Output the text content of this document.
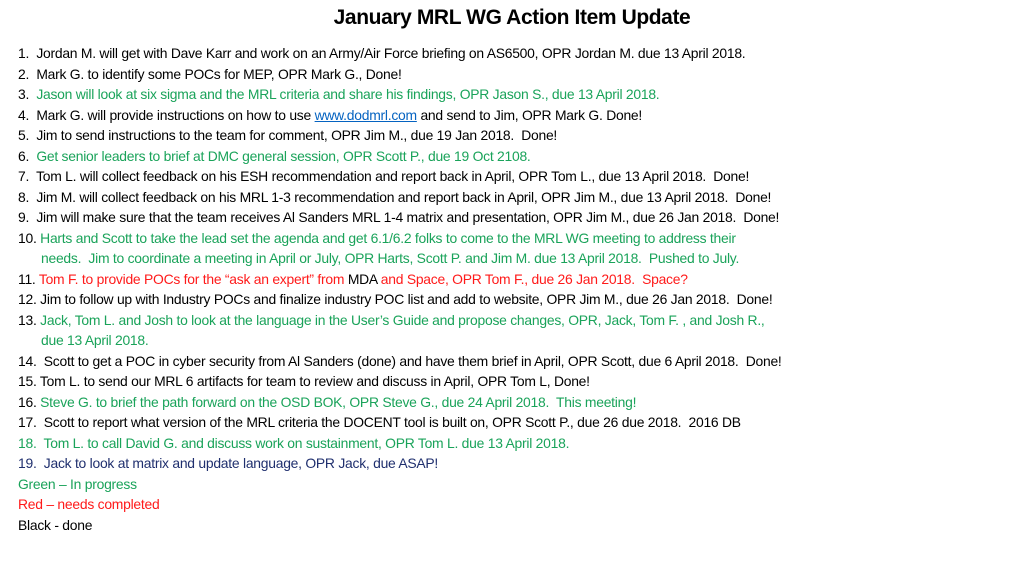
January MRL WG Action Item Update
1.  Jordan M. will get with Dave Karr and work on an Army/Air Force briefing on AS6500, OPR Jordan M. due 13 April 2018.
2.  Mark G. to identify some POCs for MEP, OPR Mark G., Done!
3.  Jason will look at six sigma and the MRL criteria and share his findings, OPR Jason S., due 13 April 2018.
4.  Mark G. will provide instructions on how to use www.dodmrl.com and send to Jim, OPR Mark G. Done!
5.  Jim to send instructions to the team for comment, OPR Jim M., due 19 Jan 2018.  Done!
6.  Get senior leaders to brief at DMC general session, OPR Scott P., due 19 Oct 2108.
7.  Tom L. will collect feedback on his ESH recommendation and report back in April, OPR Tom L., due 13 April 2018.  Done!
8.  Jim M. will collect feedback on his MRL 1-3 recommendation and report back in April, OPR Jim M., due 13 April 2018.  Done!
9.  Jim will make sure that the team receives Al Sanders MRL 1-4 matrix and presentation, OPR Jim M., due 26 Jan 2018.  Done!
10. Harts and Scott to take the lead set the agenda and get 6.1/6.2 folks to come to the MRL WG meeting to address their
needs.  Jim to coordinate a meeting in April or July, OPR Harts, Scott P. and Jim M. due 13 April 2018.  Pushed to July.
11. Tom F. to provide POCs for the “ask an expert” from MDA and Space, OPR Tom F., due 26 Jan 2018.  Space?
12. Jim to follow up with Industry POCs and finalize industry POC list and add to website, OPR Jim M., due 26 Jan 2018.  Done!
13. Jack, Tom L. and Josh to look at the language in the User’s Guide and propose changes, OPR, Jack, Tom F. , and Josh R.,
due 13 April 2018.
14.  Scott to get a POC in cyber security from Al Sanders (done) and have them brief in April, OPR Scott, due 6 April 2018.  Done!
15. Tom L. to send our MRL 6 artifacts for team to review and discuss in April, OPR Tom L, Done!
16. Steve G. to brief the path forward on the OSD BOK, OPR Steve G., due 24 April 2018.  This meeting!
17.  Scott to report what version of the MRL criteria the DOCENT tool is built on, OPR Scott P., due 26 due 2018.  2016 DB
18.  Tom L. to call David G. and discuss work on sustainment, OPR Tom L. due 13 April 2018.
19.  Jack to look at matrix and update language, OPR Jack, due ASAP!
Green – In progress
Red – needs completed
Black - done
